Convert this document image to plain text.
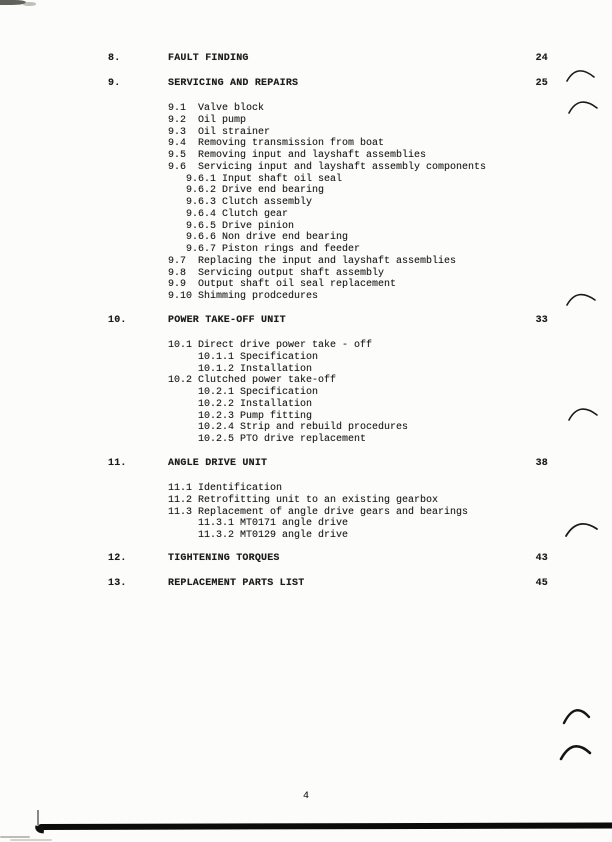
8.	FAULT FINDING	24
9.	SERVICING AND REPAIRS	25
9.1 Valve block
9.2 Oil pump
9.3 Oil strainer
9.4 Removing transmission from boat
9.5 Removing input and layshaft assemblies
9.6 Servicing input and layshaft assembly components
9.6.1 Input shaft oil seal
9.6.2 Drive end bearing
9.6.3 Clutch assembly
9.6.4 Clutch gear
9.6.5 Drive pinion
9.6.6 Non drive end bearing
9.6.7 Piston rings and feeder
9.7 Replacing the input and layshaft assemblies
9.8 Servicing output shaft assembly
9.9 Output shaft oil seal replacement
9.10 Shimming prodcedures
10.	POWER TAKE-OFF UNIT	33
10.1 Direct drive power take - off
10.1.1 Specification
10.1.2 Installation
10.2 Clutched power take-off
10.2.1 Specification
10.2.2 Installation
10.2.3 Pump fitting
10.2.4 Strip and rebuild procedures
10.2.5 PTO drive replacement
11.	ANGLE DRIVE UNIT	38
11.1 Identification
11.2 Retrofitting unit to an existing gearbox
11.3 Replacement of angle drive gears and bearings
11.3.1 MT0171 angle drive
11.3.2 MT0129 angle drive
12.	TIGHTENING TORQUES	43
13.	REPLACEMENT PARTS LIST	45
4
